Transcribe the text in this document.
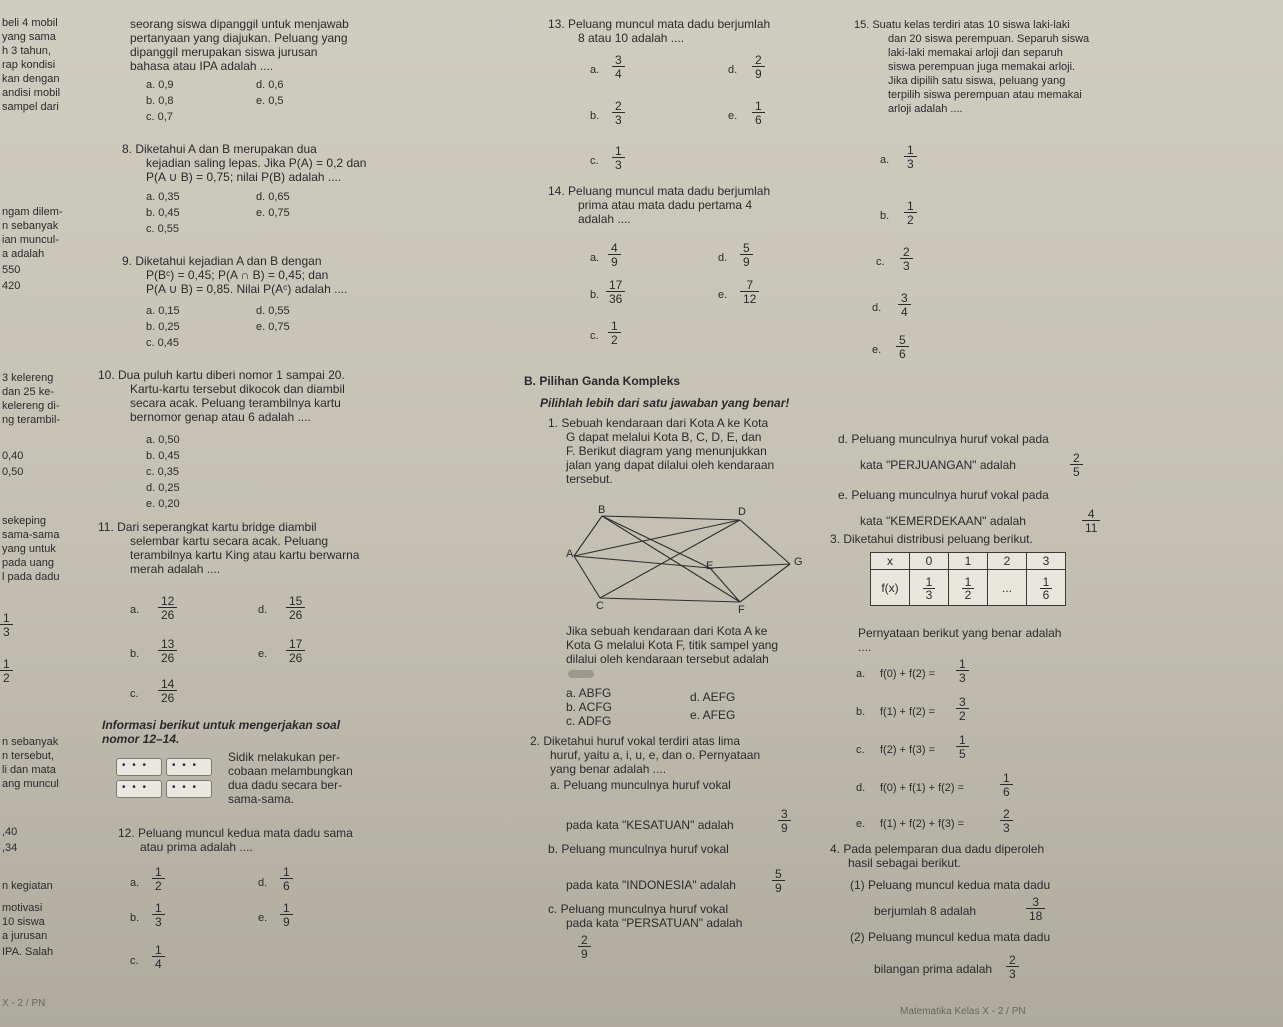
beli 4 mobil
yang sama
h 3 tahun,
rap kondisi
kan dengan
andisi mobil
sampel dari
ngam dilem-
n sebanyak
ian muncul-
a adalah
550
420
3 kelereng
dan 25 ke-
kelereng di-
ng terambil-
0,40
0,50
sekeping
sama-sama
yang untuk
pada uang
l pada dadu
1
3
1
2
n sebanyak
n tersebut,
li dan mata
ang muncul
,40
,34
n kegiatan
motivasi
10 siswa
a jurusan
IPA. Salah
seorang siswa dipanggil untuk menjawab
pertanyaan yang diajukan. Peluang yang
dipanggil merupakan siswa jurusan
bahasa atau IPA adalah ....
a. 0,9
b. 0,8
c. 0,7
d. 0,6
e. 0,5
8. Diketahui A dan B merupakan dua
kejadian saling lepas. Jika P(A) = 0,2 dan
P(A ∪ B) = 0,75; nilai P(B) adalah ....
a. 0,35
b. 0,45
c. 0,55
d. 0,65
e. 0,75
9. Diketahui kejadian A dan B dengan
P(Bᶜ) = 0,45; P(A ∩ B) = 0,45; dan
P(A ∪ B) = 0,85. Nilai P(Aᶜ) adalah ....
a. 0,15
b. 0,25
c. 0,45
d. 0,55
e. 0,75
10. Dua puluh kartu diberi nomor 1 sampai 20.
Kartu-kartu tersebut dikocok dan diambil
secara acak. Peluang terambilnya kartu
bernomor genap atau 6 adalah ....
a. 0,50
b. 0,45
c. 0,35
d. 0,25
e. 0,20
11. Dari seperangkat kartu bridge diambil
selembar kartu secara acak. Peluang
terambilnya kartu King atau kartu berwarna
merah adalah ....
a.
12
26
b.
13
26
c.
14
26
d.
15
26
e.
17
26
Informasi berikut untuk mengerjakan soal
nomor 12–14.
• • •
• • •
• • •
• • •
Sidik melakukan per-
cobaan melambungkan
dua dadu secara ber-
sama-sama.
12. Peluang muncul kedua mata dadu sama
atau prima adalah ....
a.
1
2
b.
1
3
c.
1
4
d.
1
6
e.
1
9
13. Peluang muncul mata dadu berjumlah
8 atau 10 adalah ....
a.
3
4
b.
2
3
c.
1
3
d.
2
9
e.
1
6
14. Peluang muncul mata dadu berjumlah
prima atau mata dadu pertama 4
adalah ....
a.
4
9
b.
17
36
c.
1
2
d.
5
9
e.
7
12
B. Pilihan Ganda Kompleks
Pilihlah lebih dari satu jawaban yang benar!
1. Sebuah kendaraan dari Kota A ke Kota
G dapat melalui Kota B, C, D, E, dan
F. Berikut diagram yang menunjukkan
jalan yang dapat dilalui oleh kendaraan
tersebut.
A
B
C
D
E
F
G
Jika sebuah kendaraan dari Kota A ke
Kota G melalui Kota F, titik sampel yang
dilalui oleh kendaraan tersebut adalah
a. ABFG
b. ACFG
c. ADFG
d. AEFG
e. AFEG
2. Diketahui huruf vokal terdiri atas lima
huruf, yaitu a, i, u, e, dan o. Pernyataan
yang benar adalah ....
a. Peluang munculnya huruf vokal
pada kata "KESATUAN" adalah
3
9
b. Peluang munculnya huruf vokal
pada kata "INDONESIA" adalah
5
9
c. Peluang munculnya huruf vokal
pada kata "PERSATUAN" adalah
2
9
15. Suatu kelas terdiri atas 10 siswa laki-laki
dan 20 siswa perempuan. Separuh siswa
laki-laki memakai arloji dan separuh
siswa perempuan juga memakai arloji.
Jika dipilih satu siswa, peluang yang
terpilih siswa perempuan atau memakai
arloji adalah ....
a.
1
3
b.
1
2
c.
2
3
d.
3
4
e.
5
6
d. Peluang munculnya huruf vokal pada
kata "PERJUANGAN" adalah	2
5
e. Peluang munculnya huruf vokal pada
kata "KEMERDEKAAN" adalah	4
11
3. Diketahui distribusi peluang berikut.
x	0	1	2	3
f(x)	$\frac{1}{3}$	$\frac{1}{2}$	...	$\frac{1}{6}$
Pernyataan berikut yang benar adalah
....
a. f(0) + f(2) =
1
3
b. f(1) + f(2) =
3
2
c. f(2) + f(3) =
1
5
d. f(0) + f(1) + f(2) =
1
6
e. f(1) + f(2) + f(3) =
2
3
4. Pada pelemparan dua dadu diperoleh
hasil sebagai berikut.
(1) Peluang muncul kedua mata dadu
berjumlah 8 adalah
3
18
(2) Peluang muncul kedua mata dadu
bilangan prima adalah
2
3
X - 2 / PN
Matematika Kelas X - 2 / PN
